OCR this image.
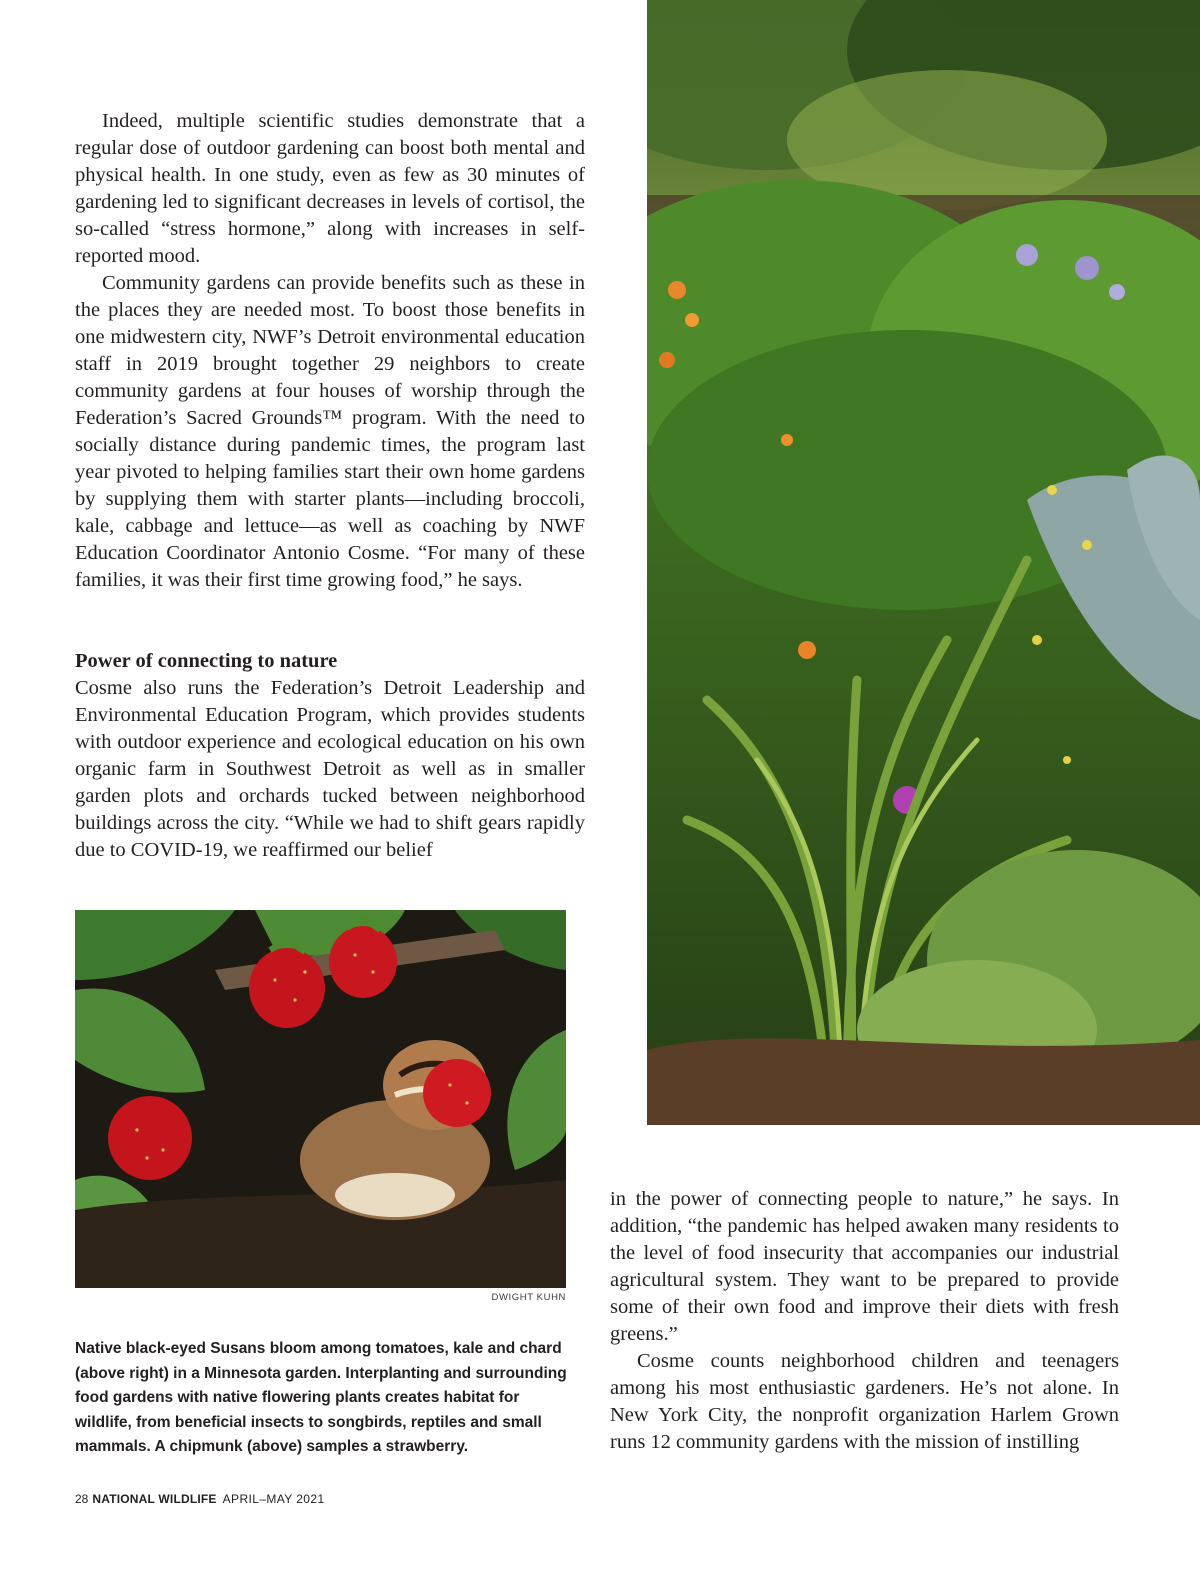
Indeed, multiple scientific studies demonstrate that a regular dose of outdoor gardening can boost both mental and physical health. In one study, even as few as 30 minutes of gardening led to significant decreases in levels of cortisol, the so-called “stress hormone,” along with increases in self-reported mood.

Community gardens can provide benefits such as these in the places they are needed most. To boost those benefits in one midwestern city, NWF’s Detroit environmental education staff in 2019 brought together 29 neighbors to create community gardens at four houses of worship through the Federation’s Sacred Grounds™ program. With the need to socially distance during pandemic times, the program last year pivoted to helping families start their own home gardens by supplying them with starter plants—including broccoli, kale, cabbage and lettuce—as well as coaching by NWF Education Coordinator Antonio Cosme. “For many of these families, it was their first time growing food,” he says.

Power of connecting to nature

Cosme also runs the Federation’s Detroit Leadership and Environmental Education Program, which provides students with outdoor experience and ecological education on his own organic farm in Southwest Detroit as well as in smaller garden plots and orchards tucked between neighborhood buildings across the city. “While we had to shift gears rapidly due to COVID-19, we reaffirmed our belief

DWIGHT KUHN
Native black-eyed Susans bloom among tomatoes, kale and chard (above right) in a Minnesota garden. Interplanting and surrounding food gardens with native flowering plants creates habitat for wildlife, from beneficial insects to songbirds, reptiles and small mammals. A chipmunk (above) samples a strawberry.

in the power of connecting people to nature,” he says. In addition, “the pandemic has helped awaken many residents to the level of food insecurity that accompanies our industrial agricultural system. They want to be prepared to provide some of their own food and improve their diets with fresh greens.”

Cosme counts neighborhood children and teenagers among his most enthusiastic gardeners. He’s not alone. In New York City, the nonprofit organization Harlem Grown runs 12 community gardens with the mission of instilling

28 NATIONAL WILDLIFE APRIL–MAY 2021
